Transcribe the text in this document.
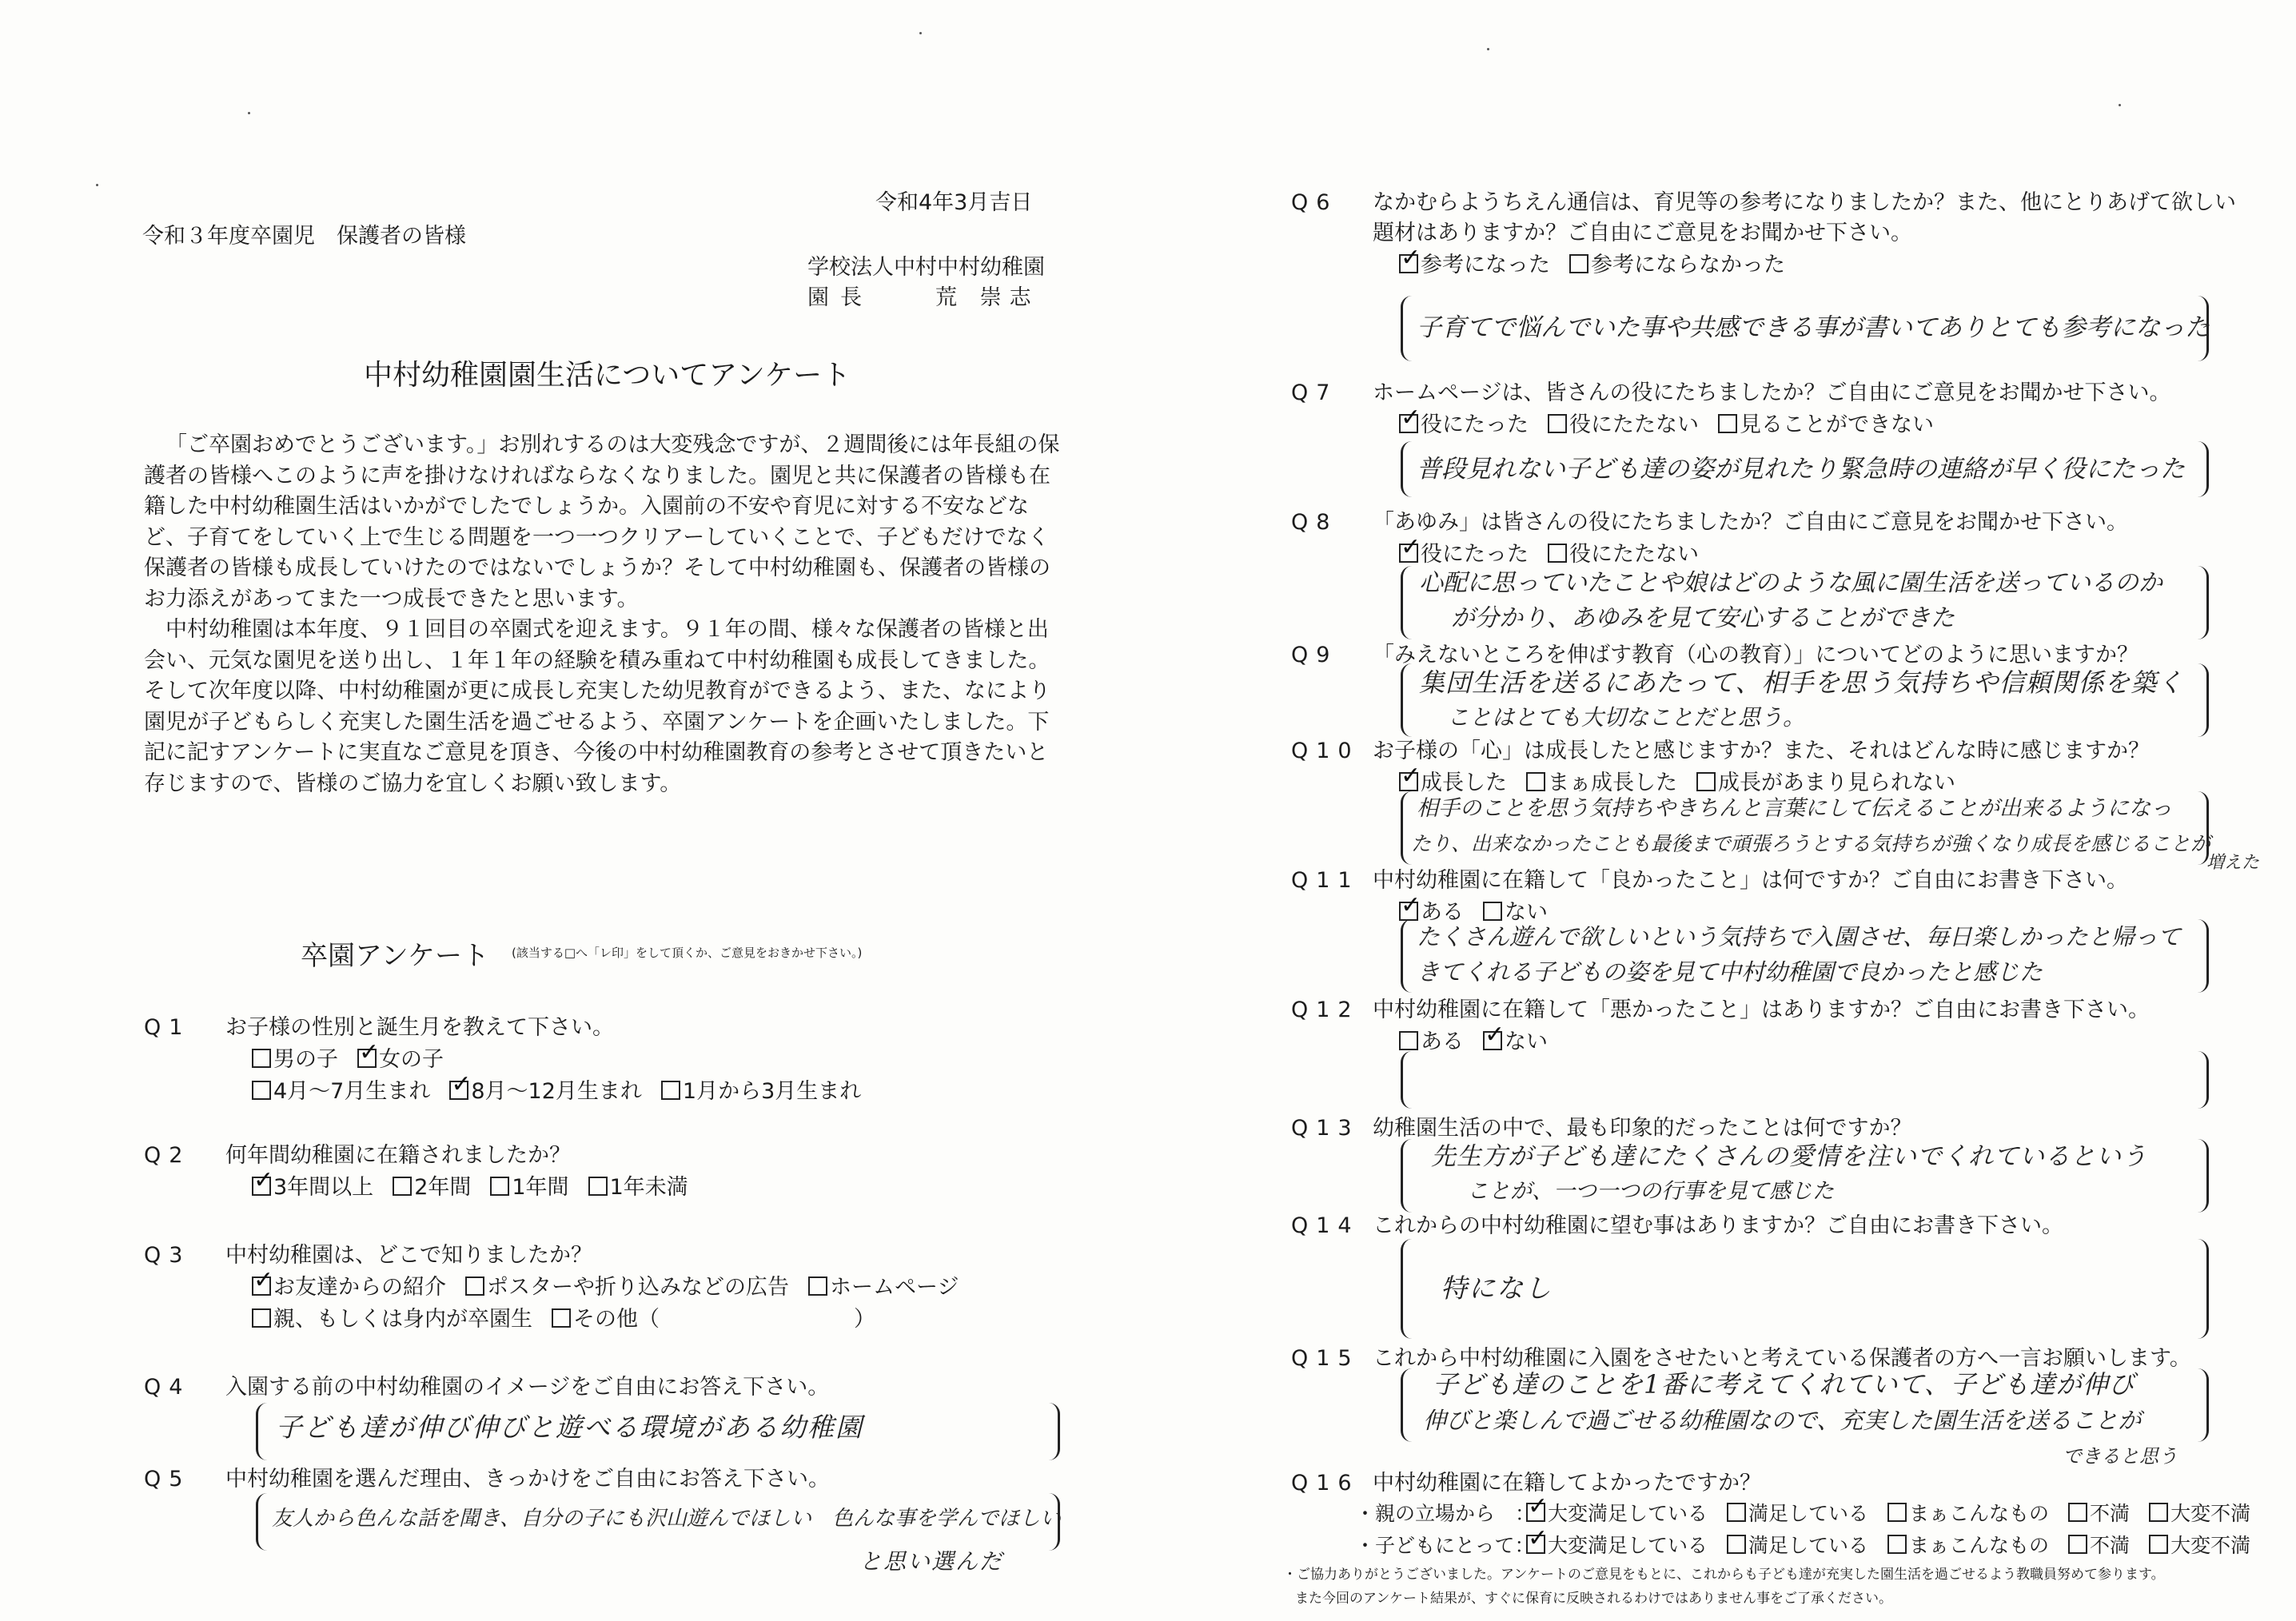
令和4年3月吉日
令和３年度卒園児　保護者の皆様
学校法人中村中村幼稚園
園長	荒 崇志
中村幼稚園園生活についてアンケート

「ご卒園おめでとうございます。」お別れするのは大変残念ですが、２週間後には年長組の保護者の皆様へこのように声を掛けなければならなくなりました。園児と共に保護者の皆様も在籍した中村幼稚園生活はいかがでしたでしょうか。入園前の不安や育児に対する不安などなど、子育てをしていく上で生じる問題を一つ一つクリアーしていくことで、子どもだけでなく保護者の皆様も成長していけたのではないでしょうか？そして中村幼稚園も、保護者の皆様のお力添えがあってまた一つ成長できたと思います。

中村幼稚園は本年度、９１回目の卒園式を迎えます。９１年の間、様々な保護者の皆様と出会い、元気な園児を送り出し、１年１年の経験を積み重ねて中村幼稚園も成長してきました。そして次年度以降、中村幼稚園が更に成長し充実した幼児教育ができるよう、また、なにより園児が子どもらしく充実した園生活を過ごせるよう、卒園アンケートを企画いたしました。下記に記すアンケートに実直なご意見を頂き、今後の中村幼稚園教育の参考とさせて頂きたいと存じますので、皆様のご協力を宜しくお願い致します。

卒園アンケート (該当する□へ「レ印」をして頂くか、ご意見をおきかせ下さい。)
Q1 お子様の性別と誕生月を教えて下さい。
男の子 ✓ 女の子
4月～7月生まれ ✓ 8月～12月生まれ 1月から3月生まれ
Q2 何年間幼稚園に在籍されましたか？
✓3年間以上 2年間 1年間 1年未満
Q3 中村幼稚園は、どこで知りましたか？
✓お友達からの紹介 ポスターや折り込みなどの広告 ホームページ
親、もしくは身内が卒園生 その他（　　　　　　　　　）
Q4 入園する前の中村幼稚園のイメージをご自由にお答え下さい。
Q5 中村幼稚園を選んだ理由、きっかけをご自由にお答え下さい。
子ども達が伸び伸びと遊べる環境がある幼稚園
友人から色んな話を聞き、自分の子にも沢山遊んでほしい　色んな事を学んでほしい
と思い選んだ
Q6 なかむらようちえん通信は、育児等の参考になりましたか？また、他にとりあげて欲しい
題材はありますか？ご自由にご意見をお聞かせ下さい。
✓参考になった 参考にならなかった
Q7 ホームページは、皆さんの役にたちましたか？ご自由にご意見をお聞かせ下さい。
✓役にたった 役にたたない 見ることができない
Q8 「あゆみ」は皆さんの役にたちましたか？ご自由にご意見をお聞かせ下さい。
✓役にたった 役にたたない
Q9 「みえないところを伸ばす教育（心の教育）」についてどのように思いますか？
Q10 お子様の「心」は成長したと感じますか？また、それはどんな時に感じますか？
✓成長した まぁ成長した 成長があまり見られない
Q11 中村幼稚園に在籍して「良かったこと」は何ですか？ご自由にお書き下さい。
✓ある ない
Q12 中村幼稚園に在籍して「悪かったこと」はありますか？ご自由にお書き下さい。
ある ✓ ない
Q13 幼稚園生活の中で、最も印象的だったことは何ですか？
Q14 これからの中村幼稚園に望む事はありますか？ご自由にお書き下さい。
Q15 これから中村幼稚園に入園をさせたいと考えている保護者の方へ一言お願いします。
Q16 中村幼稚園に在籍してよかったですか？
・親の立場から　： ✓ 大変満足している 満足している まぁこんなもの 不満 大変不満
・子どもにとって： ✓ 大変満足している 満足している まぁこんなもの 不満 大変不満
子育てで悩んでいた事や共感できる事が書いてありとても参考になった
普段見れない子ども達の姿が見れたり緊急時の連絡が早く役にたった
心配に思っていたことや娘はどのような風に園生活を送っているのか
が分かり、あゆみを見て安心することができた
集団生活を送るにあたって、相手を思う気持ちや信頼関係を築く
ことはとても大切なことだと思う。
相手のことを思う気持ちやきちんと言葉にして伝えることが出来るようになっ
たり、出来なかったことも最後まで頑張ろうとする気持ちが強くなり成長を感じることが
増えた
たくさん遊んで欲しいという気持ちで入園させ、毎日楽しかったと帰って
きてくれる子どもの姿を見て中村幼稚園で良かったと感じた
先生方が子ども達にたくさんの愛情を注いでくれているという
ことが、一つ一つの行事を見て感じた
特になし
子ども達のことを1番に考えてくれていて、子ども達が伸び
伸びと楽しんで過ごせる幼稚園なので、充実した園生活を送ることが
できると思う
・ご協力ありがとうございました。アンケートのご意見をもとに、これからも子ども達が充実した園生活を過ごせるよう教職員努めて参ります。
また今回のアンケート結果が、すぐに保育に反映されるわけではありません事をご了承ください。
